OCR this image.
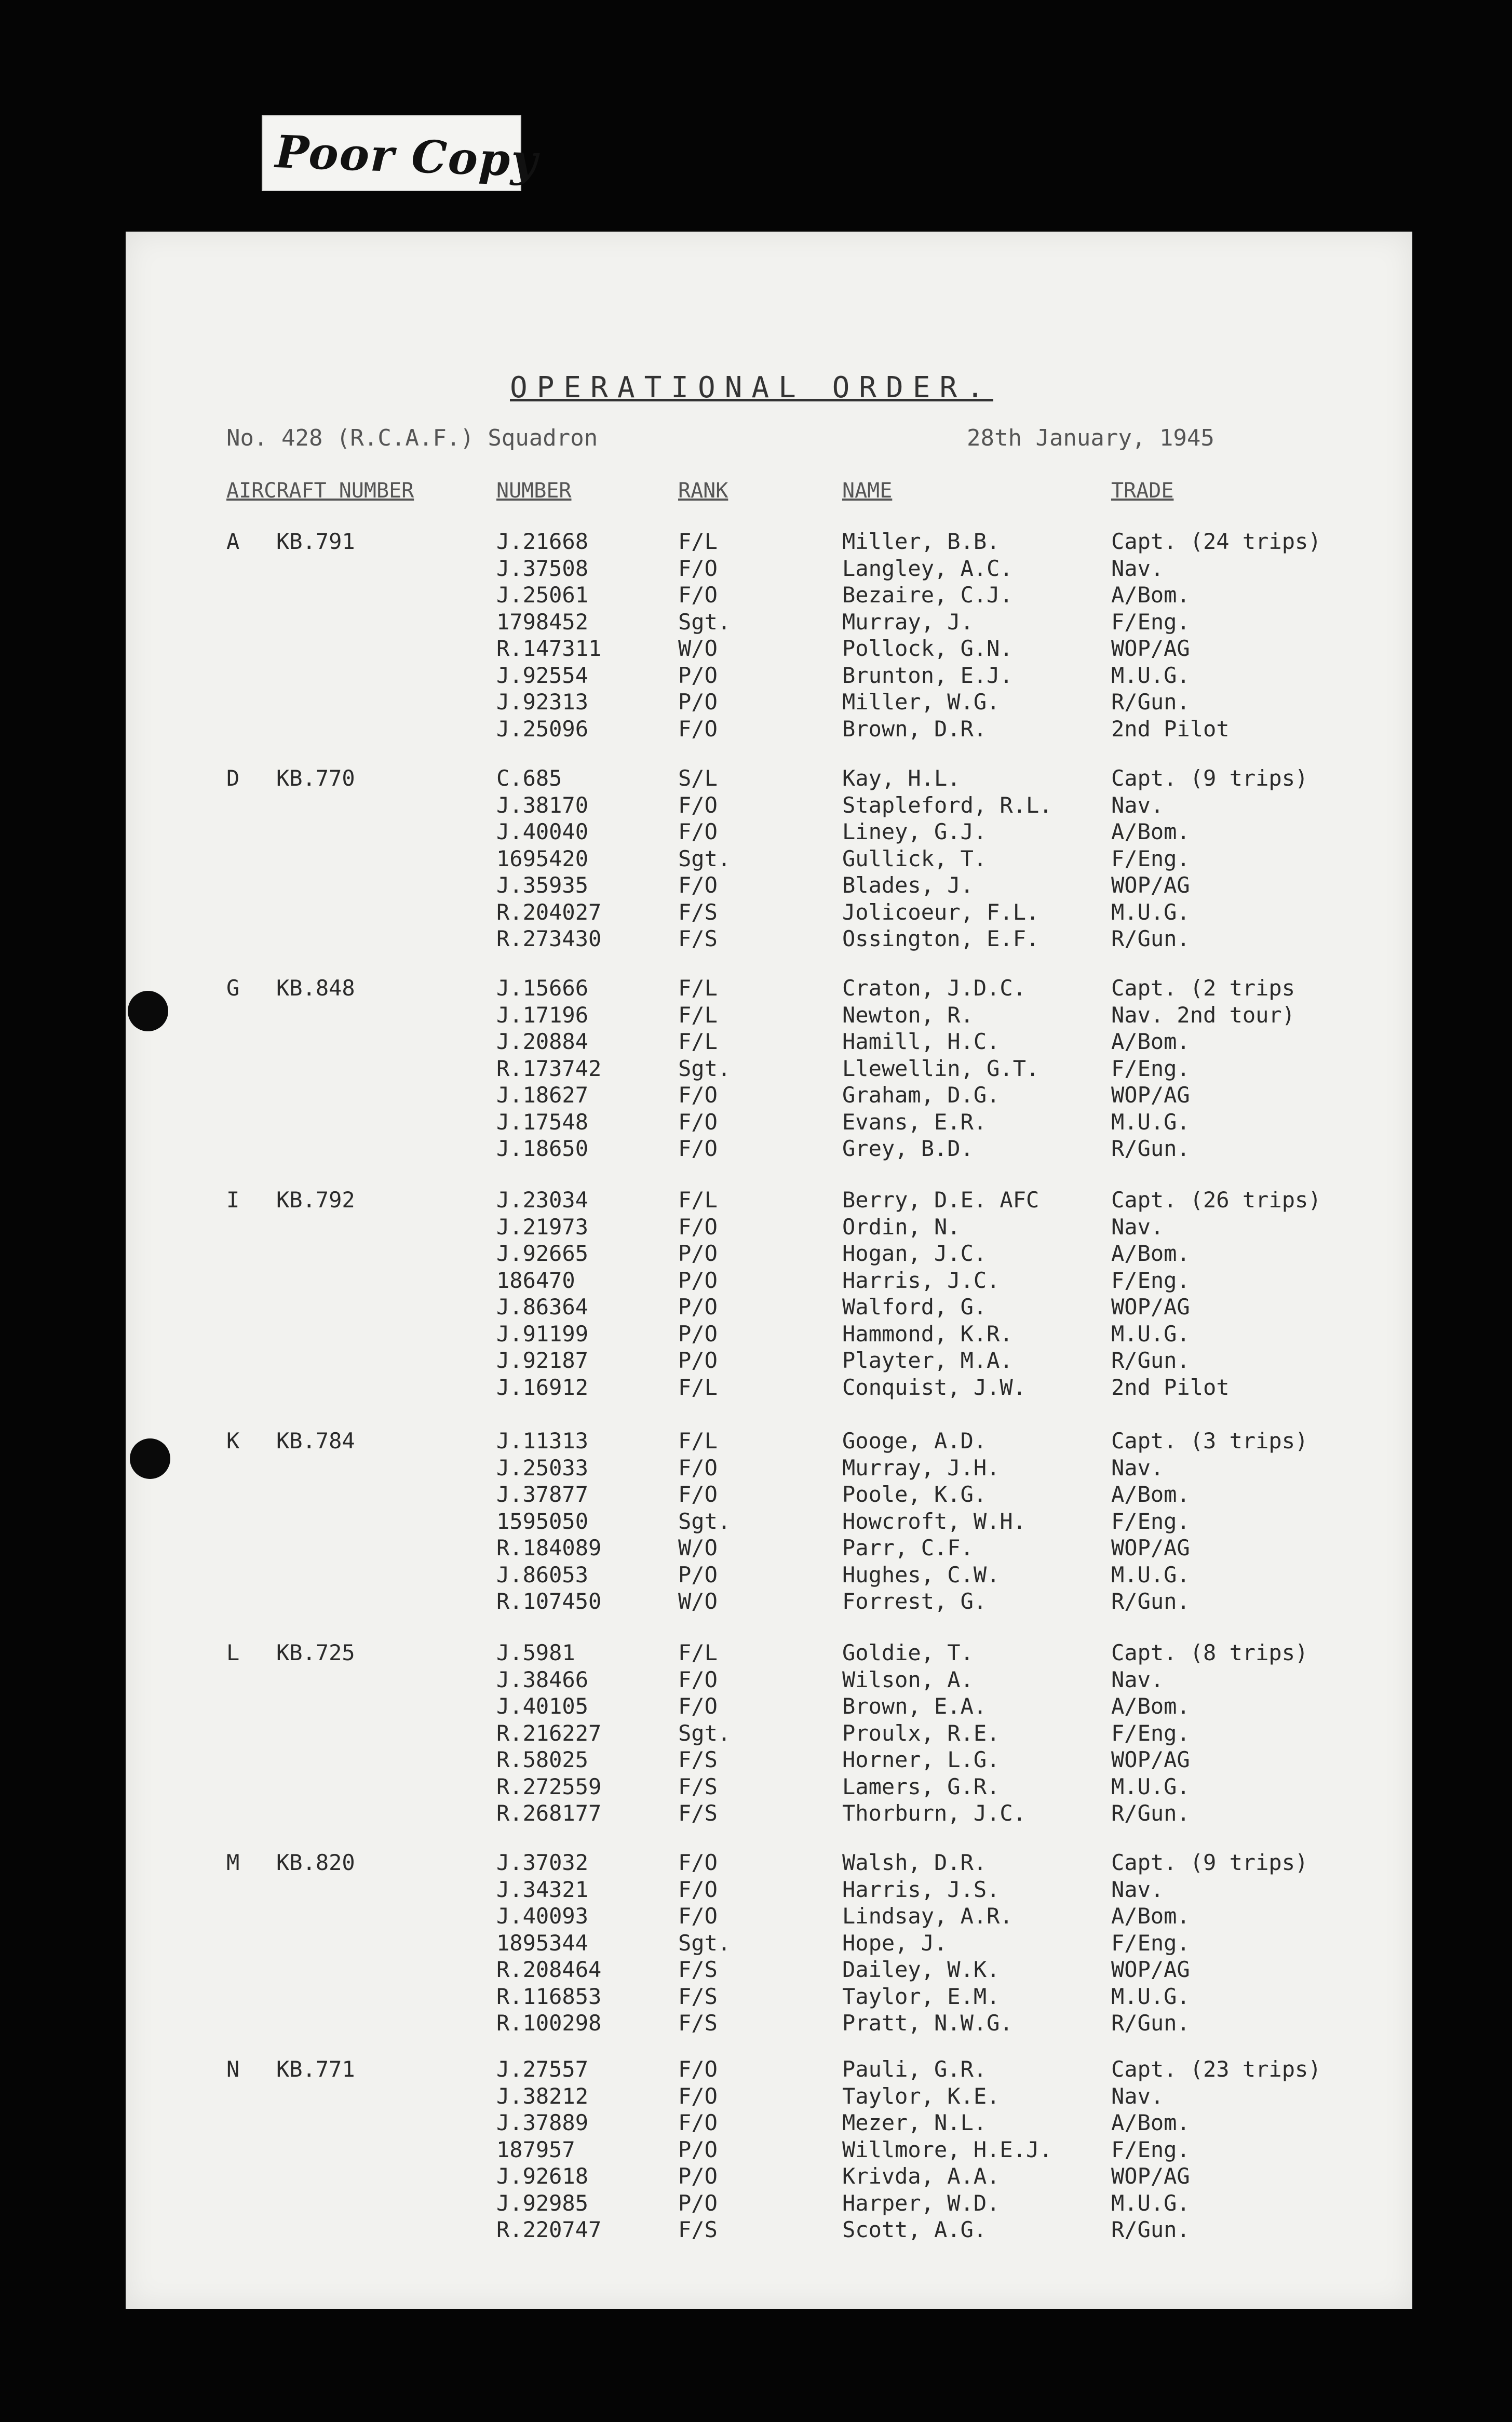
Poor Copy
OPERATIONAL ORDER.
No. 428 (R.C.A.F.) Squadron	28th January, 1945
AIRCRAFT NUMBER	NUMBER	RANK	NAME	TRADE
A KB.791	J.21668	F/L	Miller, B.B.	Capt. (24 trips)
J.37508	F/O	Langley, A.C.	Nav.
J.25061	F/O	Bezaire, C.J.	A/Bom.
1798452	Sgt.	Murray, J.	F/Eng.
R.147311	W/O	Pollock, G.N.	WOP/AG
J.92554	P/O	Brunton, E.J.	M.U.G.
J.92313	P/O	Miller, W.G.	R/Gun.
J.25096	F/O	Brown, D.R.	2nd Pilot
D KB.770	C.685	S/L	Kay, H.L.	Capt. (9 trips)
J.38170	F/O	Stapleford, R.L.	Nav.
J.40040	F/O	Liney, G.J.	A/Bom.
1695420	Sgt.	Gullick, T.	F/Eng.
J.35935	F/O	Blades, J.	WOP/AG
R.204027	F/S	Jolicoeur, F.L.	M.U.G.
R.273430	F/S	Ossington, E.F.	R/Gun.
G KB.848	J.15666	F/L	Craton, J.D.C.	Capt. (2 trips
J.17196	F/L	Newton, R.	Nav. 2nd tour)
J.20884	F/L	Hamill, H.C.	A/Bom.
R.173742	Sgt.	Llewellin, G.T.	F/Eng.
J.18627	F/O	Graham, D.G.	WOP/AG
J.17548	F/O	Evans, E.R.	M.U.G.
J.18650	F/O	Grey, B.D.	R/Gun.
I KB.792	J.23034	F/L	Berry, D.E. AFC	Capt. (26 trips)
J.21973	F/O	Ordin, N.	Nav.
J.92665	P/O	Hogan, J.C.	A/Bom.
186470	P/O	Harris, J.C.	F/Eng.
J.86364	P/O	Walford, G.	WOP/AG
J.91199	P/O	Hammond, K.R.	M.U.G.
J.92187	P/O	Playter, M.A.	R/Gun.
J.16912	F/L	Conquist, J.W.	2nd Pilot
K KB.784	J.11313	F/L	Googe, A.D.	Capt. (3 trips)
J.25033	F/O	Murray, J.H.	Nav.
J.37877	F/O	Poole, K.G.	A/Bom.
1595050	Sgt.	Howcroft, W.H.	F/Eng.
R.184089	W/O	Parr, C.F.	WOP/AG
J.86053	P/O	Hughes, C.W.	M.U.G.
R.107450	W/O	Forrest, G.	R/Gun.
L KB.725	J.5981	F/L	Goldie, T.	Capt. (8 trips)
J.38466	F/O	Wilson, A.	Nav.
J.40105	F/O	Brown, E.A.	A/Bom.
R.216227	Sgt.	Proulx, R.E.	F/Eng.
R.58025	F/S	Horner, L.G.	WOP/AG
R.272559	F/S	Lamers, G.R.	M.U.G.
R.268177	F/S	Thorburn, J.C.	R/Gun.
M KB.820	J.37032	F/O	Walsh, D.R.	Capt. (9 trips)
J.34321	F/O	Harris, J.S.	Nav.
J.40093	F/O	Lindsay, A.R.	A/Bom.
1895344	Sgt.	Hope, J.	F/Eng.
R.208464	F/S	Dailey, W.K.	WOP/AG
R.116853	F/S	Taylor, E.M.	M.U.G.
R.100298	F/S	Pratt, N.W.G.	R/Gun.
N KB.771	J.27557	F/O	Pauli, G.R.	Capt. (23 trips)
J.38212	F/O	Taylor, K.E.	Nav.
J.37889	F/O	Mezer, N.L.	A/Bom.
187957	P/O	Willmore, H.E.J.	F/Eng.
J.92618	P/O	Krivda, A.A.	WOP/AG
J.92985	P/O	Harper, W.D.	M.U.G.
R.220747	F/S	Scott, A.G.	R/Gun.
